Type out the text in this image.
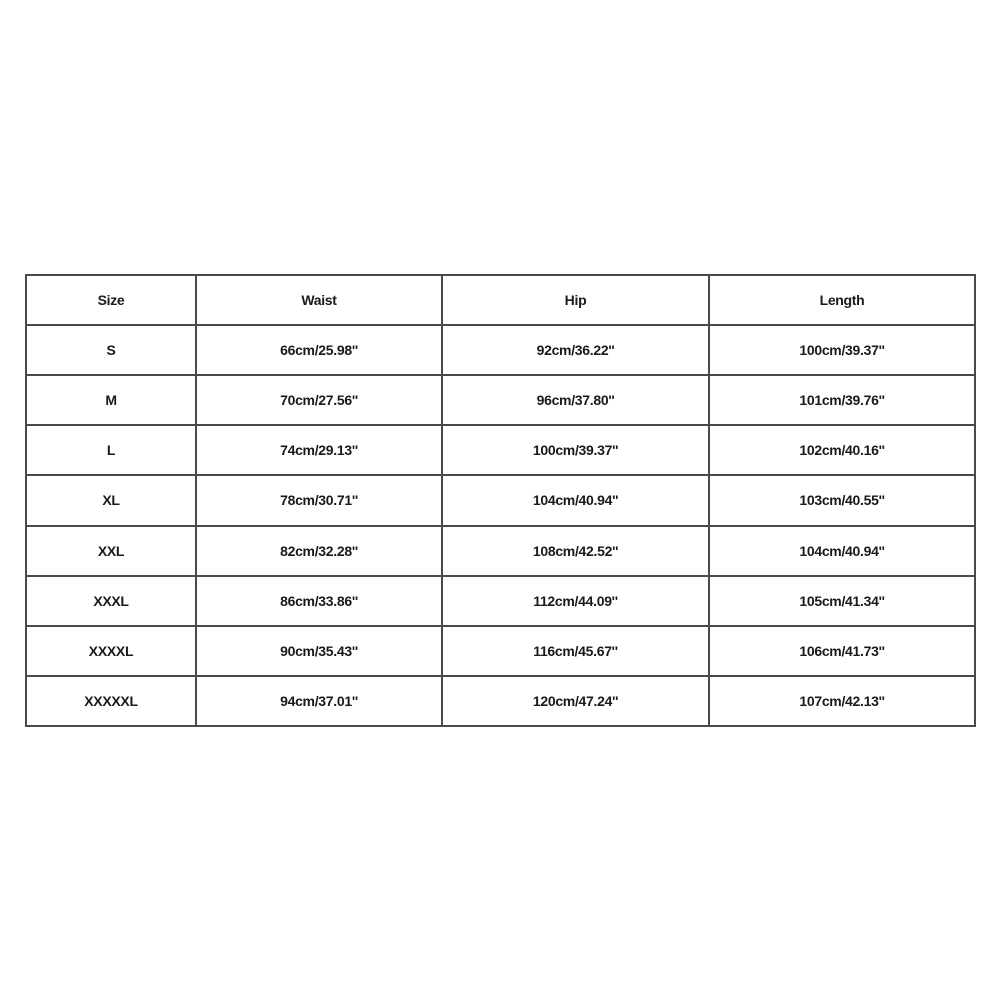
Size	Waist	Hip	Length
S	66cm/25.98''	92cm/36.22''	100cm/39.37''
M	70cm/27.56''	96cm/37.80''	101cm/39.76''
L	74cm/29.13''	100cm/39.37''	102cm/40.16''
XL	78cm/30.71''	104cm/40.94''	103cm/40.55''
XXL	82cm/32.28''	108cm/42.52''	104cm/40.94''
XXXL	86cm/33.86''	112cm/44.09''	105cm/41.34''
XXXXL	90cm/35.43''	116cm/45.67''	106cm/41.73''
XXXXXL	94cm/37.01''	120cm/47.24''	107cm/42.13''
